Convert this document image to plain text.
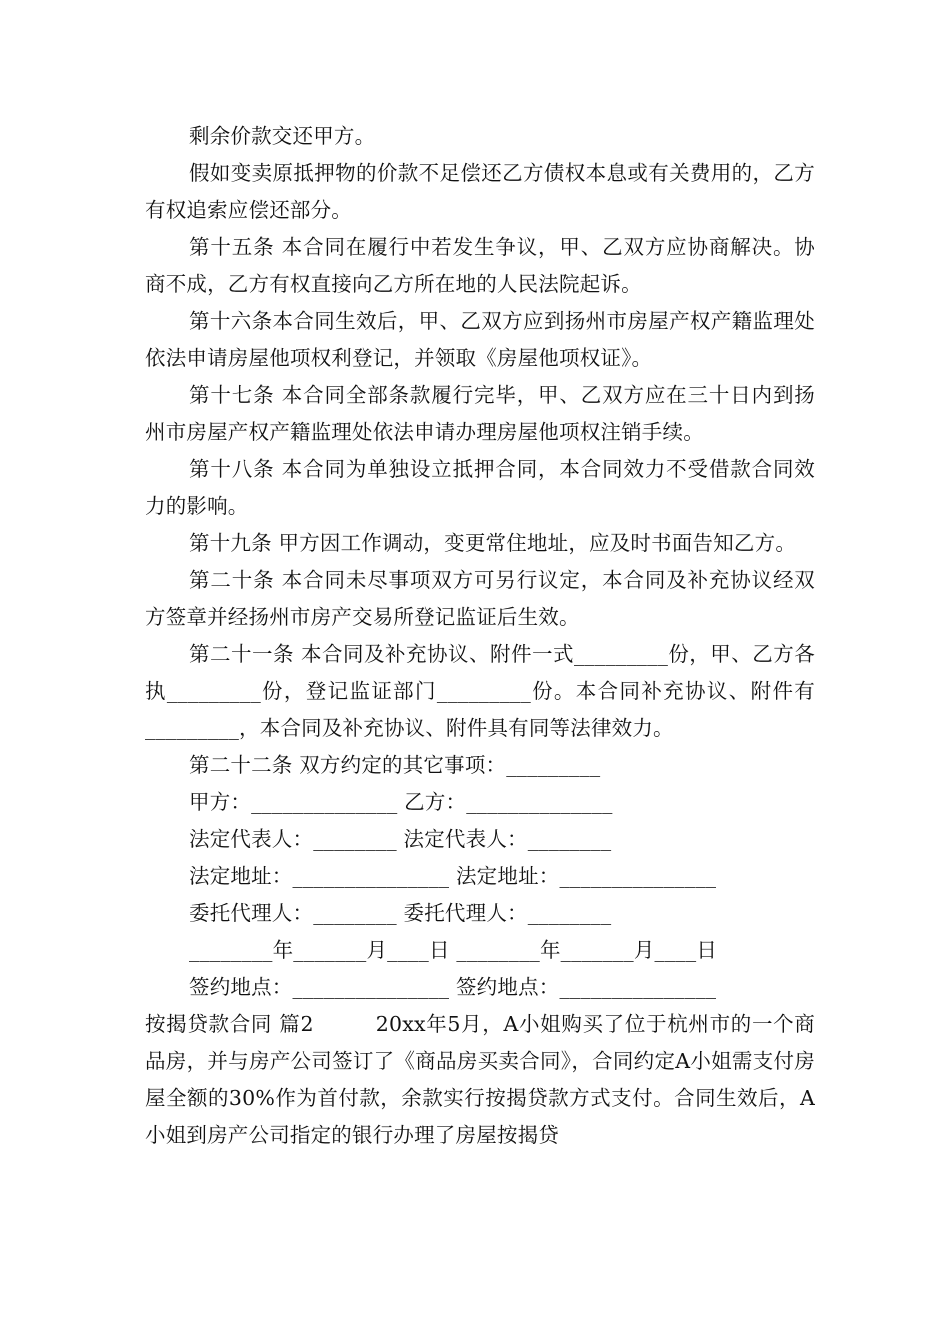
剩余价款交还甲方。

假如变卖原抵押物的价款不足偿还乙方债权本息或有关费用的，乙方有权追索应偿还部分。

第十五条 本合同在履行中若发生争议，甲、乙双方应协商解决。协商不成，乙方有权直接向乙方所在地的人民法院起诉。

第十六条本合同生效后，甲、乙双方应到扬州市房屋产权产籍监理处依法申请房屋他项权利登记，并领取《房屋他项权证》。

第十七条 本合同全部条款履行完毕，甲、乙双方应在三十日内到扬州市房屋产权产籍监理处依法申请办理房屋他项权注销手续。

第十八条 本合同为单独设立抵押合同，本合同效力不受借款合同效力的影响。

第十九条 甲方因工作调动，变更常住地址，应及时书面告知乙方。

第二十条 本合同未尽事项双方可另行议定，本合同及补充协议经双方签章并经扬州市房产交易所登记监证后生效。

第二十一条 本合同及补充协议、附件一式_________份，甲、乙方各执_________份，登记监证部门_________份。本合同补充协议、附件有_________，本合同及补充协议、附件具有同等法律效力。

第二十二条 双方约定的其它事项：_________

甲方：______________ 乙方：______________

法定代表人：________ 法定代表人：________

法定地址：_______________ 法定地址：_______________

委托代理人：________ 委托代理人：________

________年_______月____日 ________年_______月____日

签约地点：_______________ 签约地点：_______________

按揭贷款合同 篇2	20xx年5月，A小姐购买了位于杭州市的一个商品房，并与房产公司签订了《商品房买卖合同》，合同约定A小姐需支付房屋全额的30%作为首付款，余款实行按揭贷款方式支付。合同生效后，A小姐到房产公司指定的银行办理了房屋按揭贷
